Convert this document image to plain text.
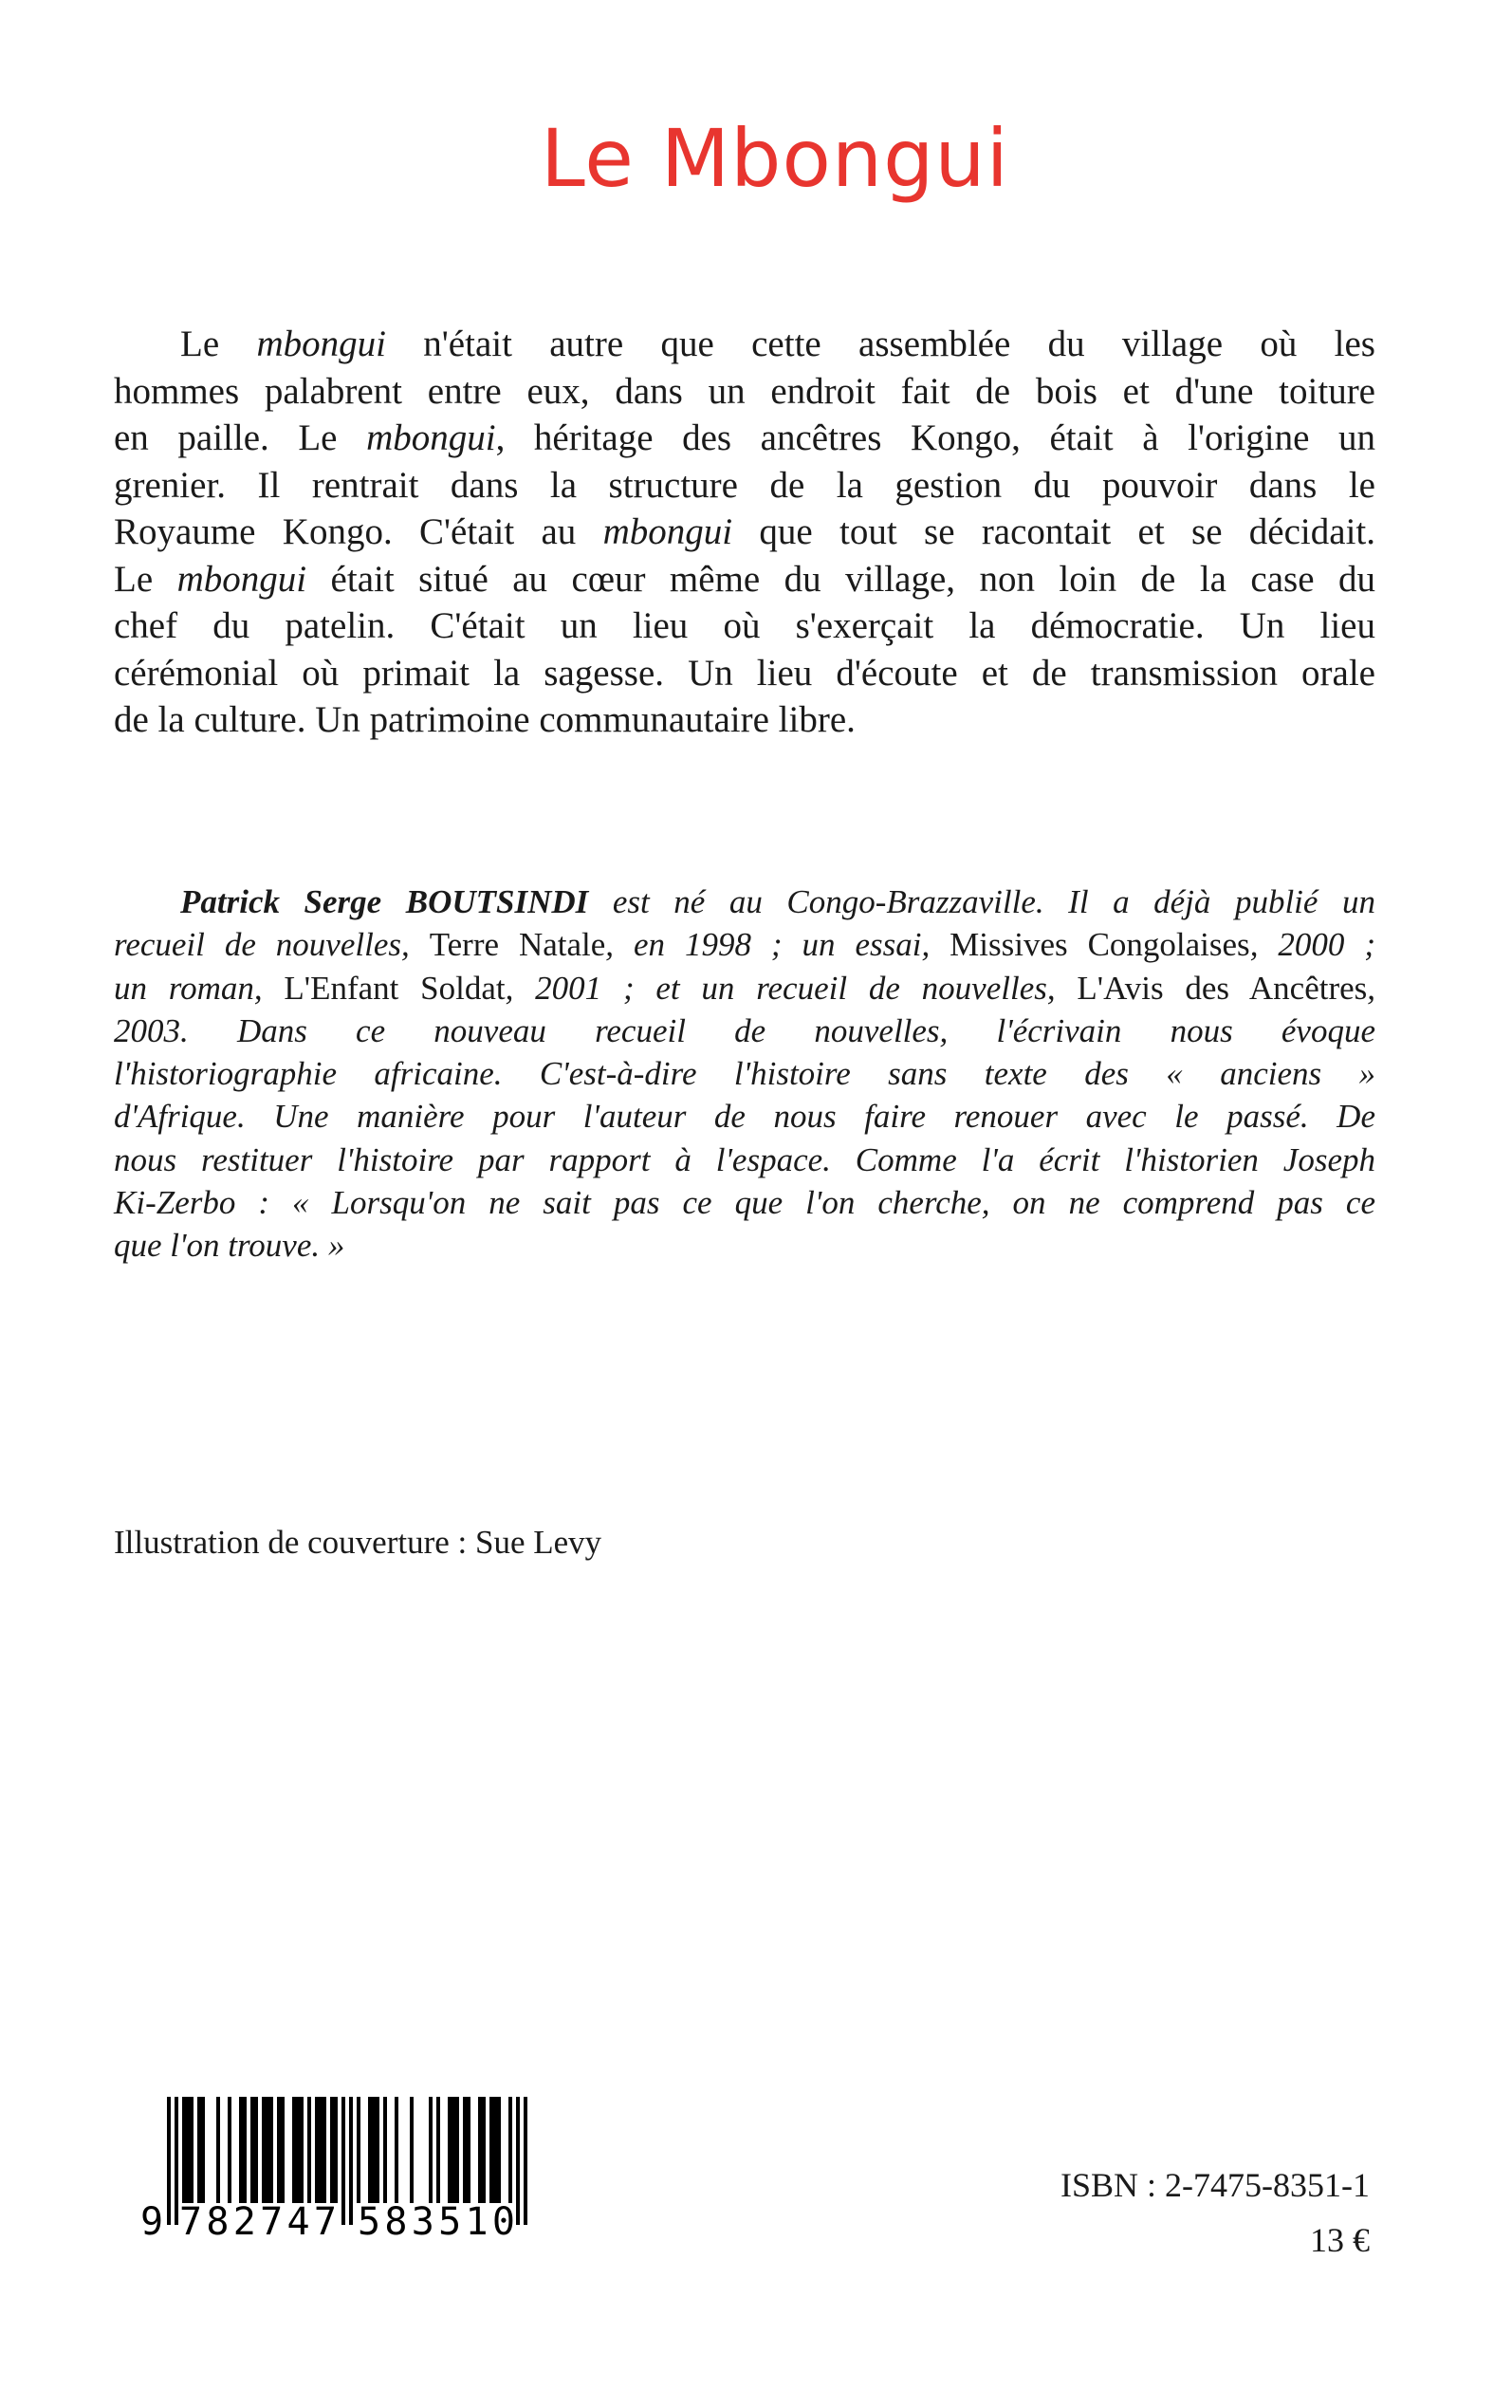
Le Mbongui
Le mbongui n'était autre que cette assemblée du village où les
hommes palabrent entre eux, dans un endroit fait de bois et d'une toiture
en paille. Le mbongui, héritage des ancêtres Kongo, était à l'origine un
grenier. Il rentrait dans la structure de la gestion du pouvoir dans le
Royaume Kongo. C'était au mbongui que tout se racontait et se décidait.
Le mbongui était situé au cœur même du village, non loin de la case du
chef du patelin. C'était un lieu où s'exerçait la démocratie. Un lieu
cérémonial où primait la sagesse. Un lieu d'écoute et de transmission orale
de la culture. Un patrimoine communautaire libre.
Patrick Serge BOUTSINDI est né au Congo-Brazzaville. Il a déjà publié un
recueil de nouvelles, Terre Natale, en 1998 ; un essai, Missives Congolaises, 2000 ;
un roman, L'Enfant Soldat, 2001 ; et un recueil de nouvelles, L'Avis des Ancêtres,
2003. Dans ce nouveau recueil de nouvelles, l'écrivain nous évoque
l'historiographie africaine. C'est-à-dire l'histoire sans texte des « anciens »
d'Afrique. Une manière pour l'auteur de nous faire renouer avec le passé. De
nous restituer l'histoire par rapport à l'espace. Comme l'a écrit l'historien Joseph
Ki-Zerbo : « Lorsqu'on ne sait pas ce que l'on cherche, on ne comprend pas ce
que l'on trouve. »
Illustration de couverture : Sue Levy
9 782747 583510
ISBN : 2-7475-8351-1
13 €
